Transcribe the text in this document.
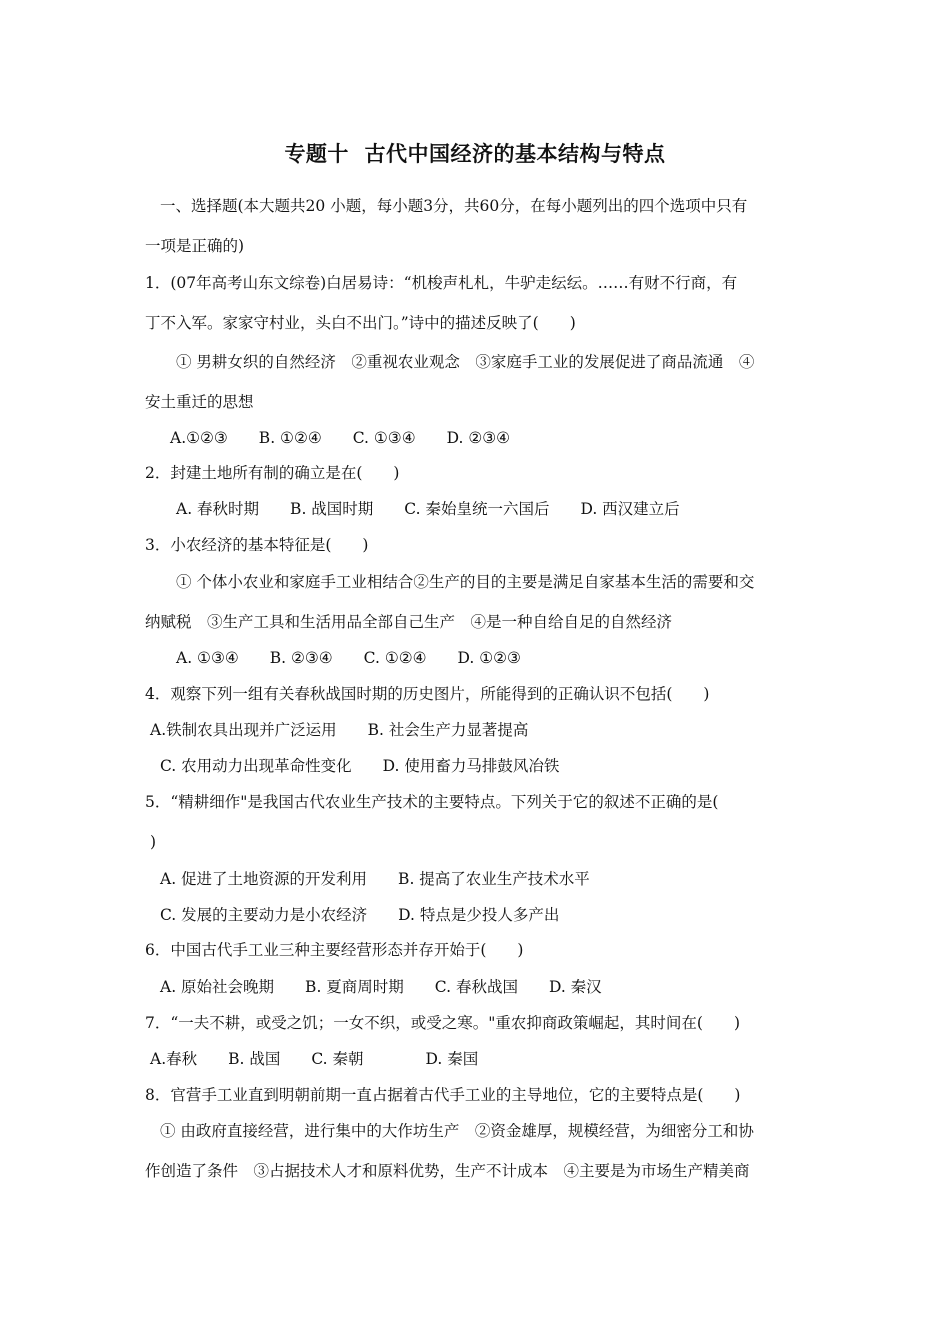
专题十  古代中国经济的基本结构与特点
一、选择题(本大题共20 小题，每小题3分，共60分，在每小题列出的四个选项中只有
一项是正确的)
1．(07年高考山东文综卷)白居易诗：“机梭声札札，牛驴走纭纭。……有财不行商，有
丁不入军。家家守村业，头白不出门。”诗中的描述反映了(　　)
① 男耕女织的自然经济　②重视农业观念　③家庭手工业的发展促进了商品流通　④
安土重迁的思想
A.①②③　　B. ①②④　　C. ①③④　　D. ②③④
2．封建土地所有制的确立是在(　　)
A. 春秋时期　　B. 战国时期　　C. 秦始皇统一六国后　　D. 西汉建立后
3．小农经济的基本特征是(　　)
① 个体小农业和家庭手工业相结合②生产的目的主要是满足自家基本生活的需要和交
纳赋税　③生产工具和生活用品全部自己生产　④是一种自给自足的自然经济
A. ①③④　　B. ②③④　　C. ①②④　　D. ①②③
4．观察下列一组有关春秋战国时期的历史图片，所能得到的正确认识不包括(　　)
A.铁制农具出现并广泛运用　　B. 社会生产力显著提高
C. 农用动力出现革命性变化　　D. 使用畜力马排鼓风冶铁
5．“精耕细作"是我国古代农业生产技术的主要特点。下列关于它的叙述不正确的是(
)
A. 促进了土地资源的开发利用　　B. 提高了农业生产技术水平
C. 发展的主要动力是小农经济　　D. 特点是少投人多产出
6．中国古代手工业三种主要经营形态并存开始于(　　)
A. 原始社会晚期　　B. 夏商周时期　　C. 春秋战国　　D. 秦汉
7．“一夫不耕，或受之饥；一女不织，或受之寒。"重农抑商政策崛起，其时间在(　　)
A.春秋　　B. 战国　　C. 秦朝　　　　D. 秦国
8．官营手工业直到明朝前期一直占据着古代手工业的主导地位，它的主要特点是(　　)
① 由政府直接经营，进行集中的大作坊生产　②资金雄厚，规模经营，为细密分工和协
作创造了条件　③占据技术人才和原料优势，生产不计成本　④主要是为市场生产精美商
